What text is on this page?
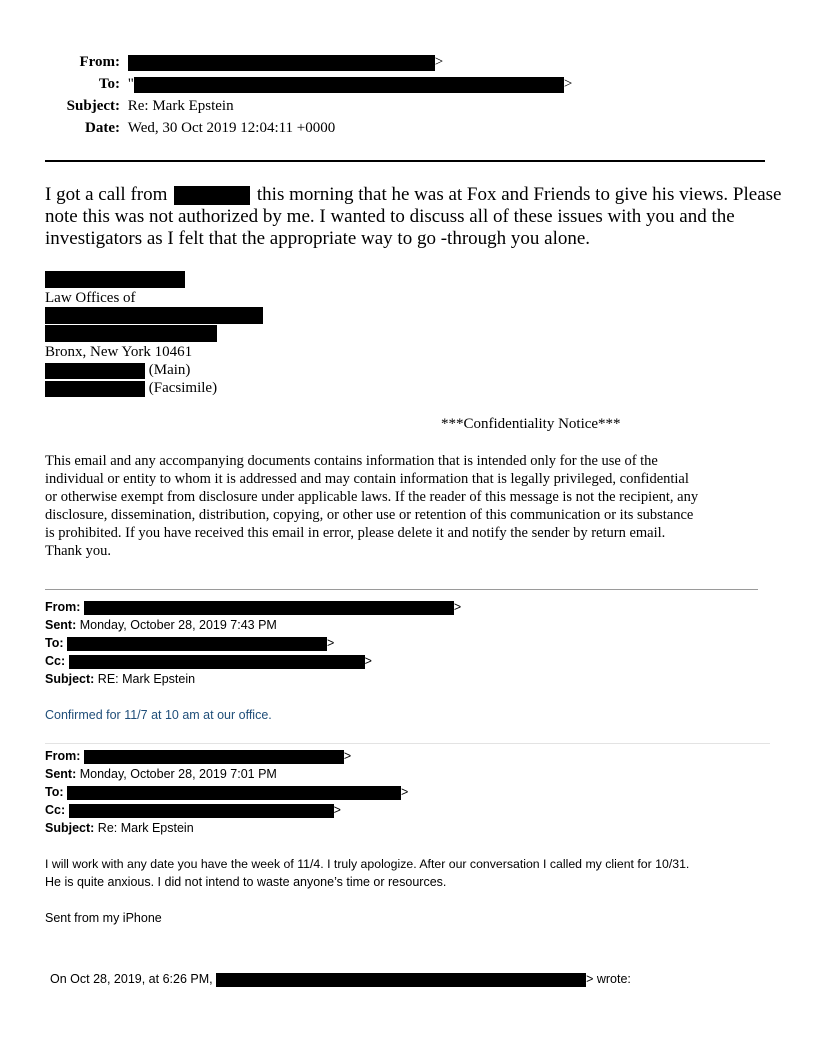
From:	>
To: "	>
Subject: Re: Mark Epstein
Date: Wed, 30 Oct 2019 12:04:11 +0000
I got a call from	this morning that he was at Fox and Friends to give his views. Please
note this was not authorized by me. I wanted to discuss all of these issues with you and the
investigators as I felt that the appropriate way to go -through you alone.
Law Offices of
Bronx, New York 10461
(Main)
(Facsimile)
***Confidentiality Notice***
This email and any accompanying documents contains information that is intended only for the use of the
individual or entity to whom it is addressed and may contain information that is legally privileged, confidential
or otherwise exempt from disclosure under applicable laws. If the reader of this message is not the recipient, any
disclosure, dissemination, distribution, copying, or other use or retention of this communication or its substance
is prohibited. If you have received this email in error, please delete it and notify the sender by return email.
Thank you.
From:	>
Sent: Monday, October 28, 2019 7:43 PM
To:	>
Cc:	>
Subject: RE: Mark Epstein
Confirmed for 11/7 at 10 am at our office.
From:	>
Sent: Monday, October 28, 2019 7:01 PM
To:	>
Cc:	>
Subject: Re: Mark Epstein
I will work with any date you have the week of 11/4. I truly apologize. After our conversation I called my client for 10/31.
He is quite anxious. I did not intend to waste anyone’s time or resources.
Sent from my iPhone
On Oct 28, 2019, at 6:26 PM,	> wrote:
